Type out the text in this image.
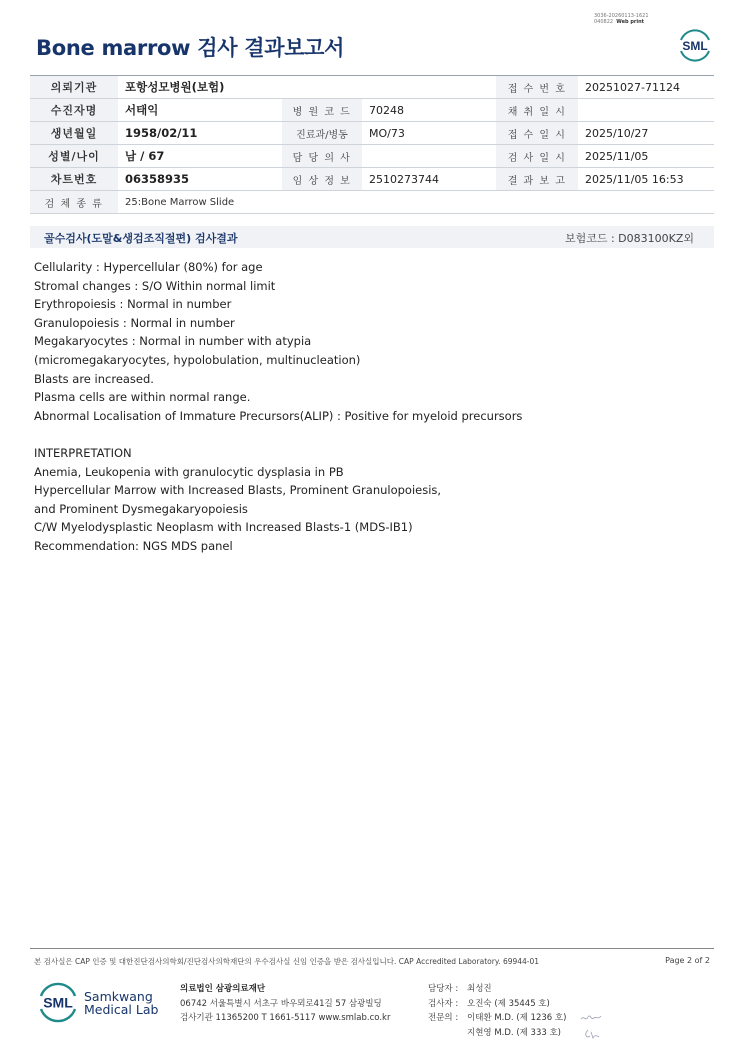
3036-20260113-1621
040822 Web print
Bone marrow 검사 결과보고서	SML
의뢰기관	포항성모병원(보험)			접 수 번 호	20251027-71124
수진자명	서태익	병 원 코 드	70248	채 취 일 시	
생년월일	1958/02/11	진료과/병동	MO/73	접 수 일 시	2025/10/27
성별/나이	남 / 67	담 당 의 사		검 사 일 시	2025/11/05
차트번호	06358935	임 상 정 보	2510273744	결 과 보 고	2025/11/05 16:53
검 체 종 류	25:Bone Marrow Slide				
골수검사(도말&생검조직절편) 검사결과	보험코드 : D083100KZ외
Cellularity : Hypercellular (80%) for age
Stromal changes : S/O Within normal limit
Erythropoiesis : Normal in number
Granulopoiesis : Normal in number
Megakaryocytes : Normal in number with atypia
(micromegakaryocytes, hypolobulation, multinucleation)
Blasts are increased.
Plasma cells are within normal range.
Abnormal Localisation of Immature Precursors(ALIP) : Positive for myeloid precursors
INTERPRETATION
Anemia, Leukopenia with granulocytic dysplasia in PB
Hypercellular Marrow with Increased Blasts, Prominent Granulopoiesis,
and Prominent Dysmegakaryopoiesis
C/W Myelodysplastic Neoplasm with Increased Blasts-1 (MDS-IB1)
Recommendation: NGS MDS panel
본 검사실은 CAP 인증 및 대한진단검사의학회/진단검사의학재단의 우수검사실 신임 인증을 받은 검사실입니다. CAP Accredited Laboratory. 69944-01	Page 2 of 2
SML Samkwang
Medical Lab
의료법인 삼광의료재단
06742 서울특별시 서초구 바우뫼로41길 57 삼광빌딩
검사기관 11365200 T 1661-5117 www.smlab.co.kr
담당자 : 최성진
검사자 : 오진숙 (제 35445 호)
전문의 : 이태환 M.D. (제 1236 호)
지현영 M.D. (제 333 호)
